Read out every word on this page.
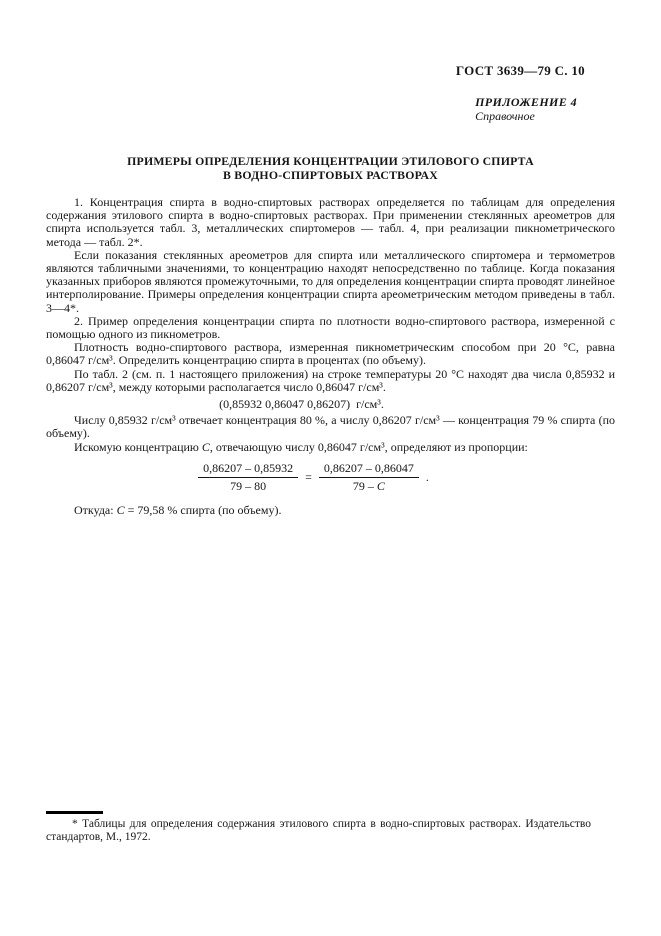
ГОСТ 3639—79 С. 10
ПРИЛОЖЕНИЕ 4
Справочное
ПРИМЕРЫ ОПРЕДЕЛЕНИЯ КОНЦЕНТРАЦИИ ЭТИЛОВОГО СПИРТА
В ВОДНО-СПИРТОВЫХ РАСТВОРАХ

1. Концентрация спирта в водно-спиртовых растворах определяется по таблицам для определения содержания этилового спирта в водно-спиртовых растворах. При применении стеклянных ареометров для спирта используется табл. 3, металлических спиртомеров — табл. 4, при реализации пикнометрического метода — табл. 2*.

Если показания стеклянных ареометров для спирта или металлического спиртомера и термометров являются табличными значениями, то концентрацию находят непосредственно по таблице. Когда показания указанных приборов являются промежуточными, то для определения концентрации спирта проводят линейное интерполирование. Примеры определения концентрации спирта ареометрическим методом приведены в табл. 3—4*.

2. Пример определения концентрации спирта по плотности водно-спиртового раствора, измеренной с помощью одного из пикнометров.

Плотность водно-спиртового раствора, измеренная пикнометрическим способом при 20 °С, равна 0,86047 г/см³. Определить концентрацию спирта в процентах (по объему).

По табл. 2 (см. п. 1 настоящего приложения) на строке температуры 20 °С находят два числа 0,85932 и 0,86207 г/см³, между которыми располагается число 0,86047 г/см³.

(0,85932 0,86047 0,86207)  г/см³.

Числу 0,85932 г/см³ отвечает концентрация 80 %, а числу 0,86207 г/см³ — концентрация 79 % спирта (по объему).

Искомую концентрацию C, отвечающую числу 0,86047 г/см³, определяют из пропорции:

$\frac{0,86207 - 0,85932}{79 - 80} = \frac{0,86207 - 0,86047}{79 - C}$ .

Откуда: C = 79,58 % спирта (по объему).

* Таблицы для определения содержания этилового спирта в водно-спиртовых растворах. Издательство стандартов, М., 1972.
